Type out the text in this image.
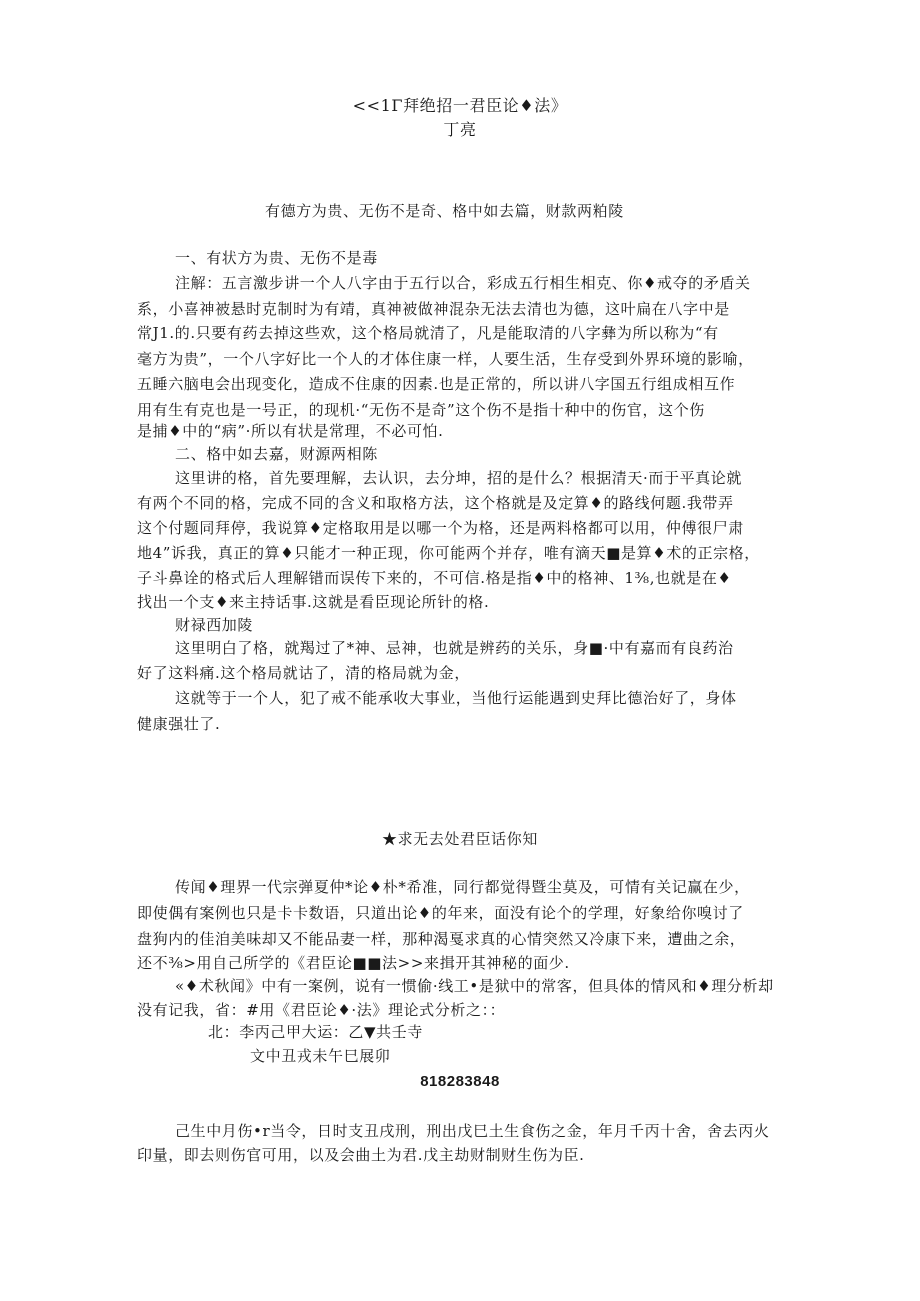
<<1Γ拜绝招一君臣论♦法》
丁亮
有德方为贵、无伤不是奇、格中如去篇，财款两粕陵
一、有状方为贵、无伤不是毒
注解：五言激步讲一个人八字由于五行以合，彩成五行相生相克、你♦戒夺的矛盾关
系，小喜神被悬时克制时为有靖，真神被做神混杂无法去清也为德，这叶扁在八字中是
常J1.的.只要有药去掉这些欢，这个格局就清了，凡是能取清的八字彝为所以称为“有
毫方为贵”，一个八字好比一个人的才体住康一样，人要生活，生存受到外界环境的影喻，
五睡六脑电会出现变化，造成不住康的因素.也是正常的，所以讲八字国五行组成相互作
用有生有克也是一号正，的现机·“无伤不是奇”这个伤不是指十种中的伤官，这个伤
是捕♦中的“病”·所以有状是常理，不必可怕.
二、格中如去嘉，财源两相陈
这里讲的格，首先要理解，去认识，去分坤，招的是什么？根据清天·而于平真论就
有两个不同的格，完成不同的含义和取格方法，这个格就是及定算♦的路线何题.我带弄
这个付题同拜停，我说算♦定格取用是以哪一个为格，还是两料格都可以用，仲傅很尸肃
地4”诉我，真正的算♦只能才一种正现，你可能两个并存，唯有滴天■是算♦术的正宗格，
子斗鼻诠的格式后人理解错而误传下来的，不可信.格是指♦中的格神、1⅜,也就是在♦
找出一个支♦来主持话事.这就是看臣现论所针的格.
财禄西加陵
这里明白了格，就羯过了*神、忌神，也就是辨药的关乐，身■·中有嘉而有良药治
好了这料痛.这个格局就诂了，清的格局就为金，
这就等于一个人，犯了戒不能承收大事业，当他行运能遇到史拜比德治好了，身体
健康强壮了.
★求无去处君臣话你知
传闻♦理界一代宗弹夏仲*论♦朴*希准，同行都觉得暨尘莫及，可情有关记赢在少，
即使偶有案例也只是卡卡数语，只道出论♦的年来，面没有论个的学理，好象给你嗅讨了
盘狗内的佳洎美味却又不能品妻一样，那种渴戛求真的心情突然又冷康下来，遭曲之余，
还不⅜>用自己所学的《君臣论■■法>>来揖开其神秘的面少.
«♦术秋闻》中有一案例，说有一惯偷·线工•是狱中的常客，但具体的情风和♦理分析却
没有记我，省：#用《君臣论♦·法》理论式分析之：：
北：李丙己甲大运：乙▼共壬寺
文中丑戎未午巳展卯
818283848
己生中月伤•r当令，日时支丑戌刑，刑出戊巳土生食伤之金，年月千丙十舍，舍去丙火
印量，即去则伤官可用，以及会曲土为君.戊主劫财制财生伤为臣.
